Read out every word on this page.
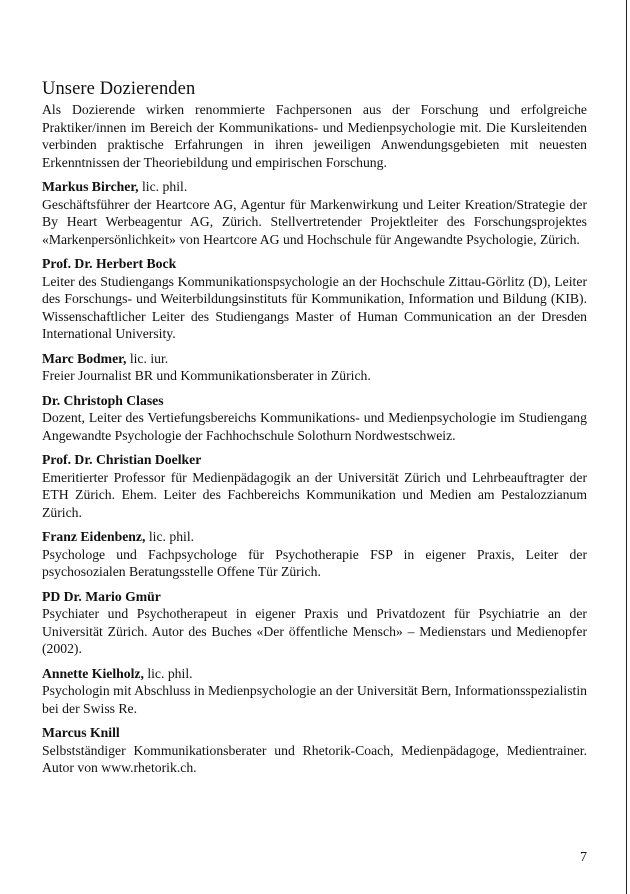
Unsere Dozierenden

Als Dozierende wirken renommierte Fachpersonen aus der Forschung und erfolgreiche Praktiker/innen im Bereich der Kommunikations- und Medienpsychologie mit. Die Kursleitenden verbinden praktische Erfahrungen in ihren jeweiligen Anwendungsgebieten mit neuesten Erkenntnissen der Theoriebildung und empirischen Forschung.

Markus Bircher, lic. phil.

Geschäftsführer der Heartcore AG, Agentur für Markenwirkung und Leiter Kreation/Strategie der By Heart Werbeagentur AG, Zürich. Stellvertretender Projektleiter des Forschungsprojektes «Markenpersönlichkeit» von Heartcore AG und Hochschule für Angewandte Psychologie, Zürich.

Prof. Dr. Herbert Bock

Leiter des Studiengangs Kommunikationspsychologie an der Hochschule Zittau-Görlitz (D), Leiter des Forschungs- und Weiterbildungsinstituts für Kommunikation, Information und Bildung (KIB). Wissenschaftlicher Leiter des Studiengangs Master of Human Communication an der Dresden International University.

Marc Bodmer, lic. iur.

Freier Journalist BR und Kommunikationsberater in Zürich.

Dr. Christoph Clases

Dozent, Leiter des Vertiefungsbereichs Kommunikations- und Medienpsychologie im Studiengang Angewandte Psychologie der Fachhochschule Solothurn Nordwestschweiz.

Prof. Dr. Christian Doelker

Emeritierter Professor für Medienpädagogik an der Universität Zürich und Lehrbeauftragter der ETH Zürich. Ehem. Leiter des Fachbereichs Kommunikation und Medien am Pestalozzianum Zürich.

Franz Eidenbenz, lic. phil.

Psychologe und Fachpsychologe für Psychotherapie FSP in eigener Praxis, Leiter der psychosozialen Beratungsstelle Offene Tür Zürich.

PD Dr. Mario Gmür

Psychiater und Psychotherapeut in eigener Praxis und Privatdozent für Psychiatrie an der Universität Zürich. Autor des Buches «Der öffentliche Mensch» – Medienstars und Medienopfer (2002).

Annette Kielholz, lic. phil.

Psychologin mit Abschluss in Medienpsychologie an der Universität Bern, Informationsspezialistin bei der Swiss Re.

Marcus Knill

Selbstständiger Kommunikationsberater und Rhetorik-Coach, Medienpädagoge, Medientrainer. Autor von www.rhetorik.ch.

7
